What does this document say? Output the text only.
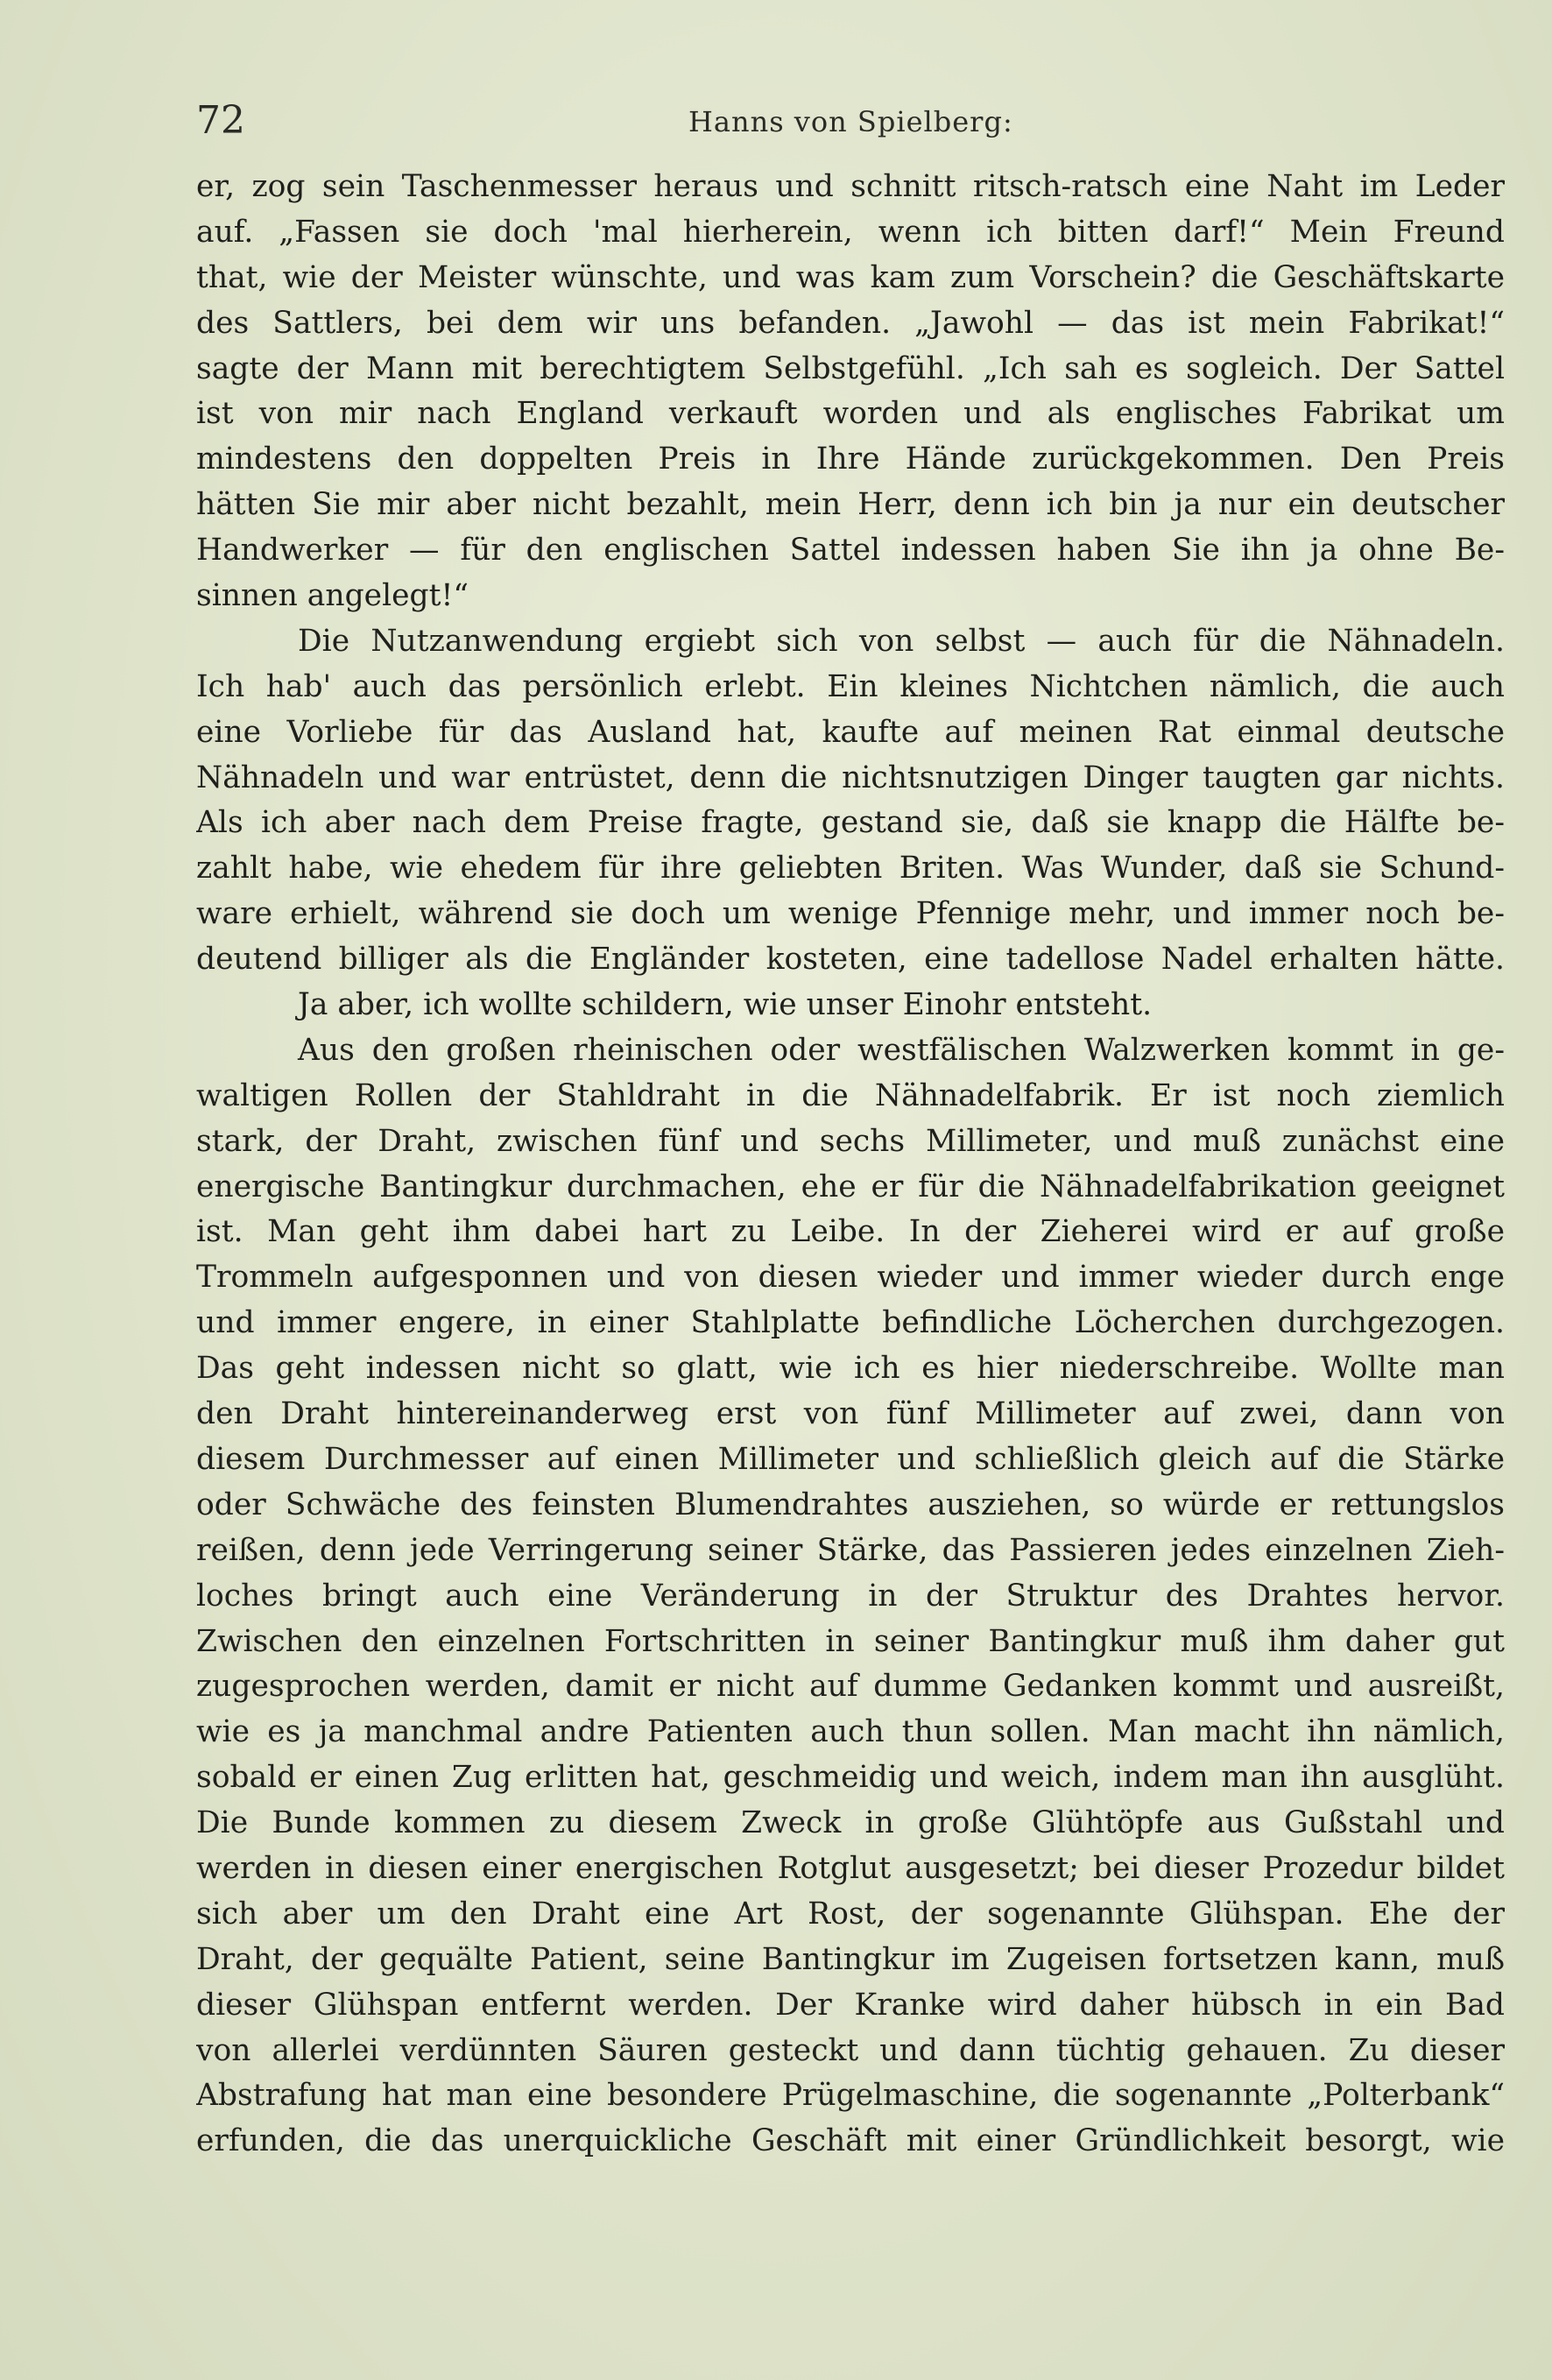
72	Hanns von Spielberg:
er, zog sein Taschenmesser heraus und schnitt ritsch-ratsch eine Naht im Leder
auf. „Fassen sie doch 'mal hierherein, wenn ich bitten darf!“ Mein Freund
that, wie der Meister wünschte, und was kam zum Vorschein? die Geschäftskarte
des Sattlers, bei dem wir uns befanden. „Jawohl — das ist mein Fabrikat!“
sagte der Mann mit berechtigtem Selbstgefühl. „Ich sah es sogleich. Der Sattel
ist von mir nach England verkauft worden und als englisches Fabrikat um
mindestens den doppelten Preis in Ihre Hände zurückgekommen. Den Preis
hätten Sie mir aber nicht bezahlt, mein Herr, denn ich bin ja nur ein deutscher
Handwerker — für den englischen Sattel indessen haben Sie ihn ja ohne Be-
sinnen angelegt!“
Die Nutzanwendung ergiebt sich von selbst — auch für die Nähnadeln.
Ich hab' auch das persönlich erlebt. Ein kleines Nichtchen nämlich, die auch
eine Vorliebe für das Ausland hat, kaufte auf meinen Rat einmal deutsche
Nähnadeln und war entrüstet, denn die nichtsnutzigen Dinger taugten gar nichts.
Als ich aber nach dem Preise fragte, gestand sie, daß sie knapp die Hälfte be-
zahlt habe, wie ehedem für ihre geliebten Briten. Was Wunder, daß sie Schund-
ware erhielt, während sie doch um wenige Pfennige mehr, und immer noch be-
deutend billiger als die Engländer kosteten, eine tadellose Nadel erhalten hätte.
Ja aber, ich wollte schildern, wie unser Einohr entsteht.
Aus den großen rheinischen oder westfälischen Walzwerken kommt in ge-
waltigen Rollen der Stahldraht in die Nähnadelfabrik. Er ist noch ziemlich
stark, der Draht, zwischen fünf und sechs Millimeter, und muß zunächst eine
energische Bantingkur durchmachen, ehe er für die Nähnadelfabrikation geeignet
ist. Man geht ihm dabei hart zu Leibe. In der Zieherei wird er auf große
Trommeln aufgesponnen und von diesen wieder und immer wieder durch enge
und immer engere, in einer Stahlplatte befindliche Löcherchen durchgezogen.
Das geht indessen nicht so glatt, wie ich es hier niederschreibe. Wollte man
den Draht hintereinanderweg erst von fünf Millimeter auf zwei, dann von
diesem Durchmesser auf einen Millimeter und schließlich gleich auf die Stärke
oder Schwäche des feinsten Blumendrahtes ausziehen, so würde er rettungslos
reißen, denn jede Verringerung seiner Stärke, das Passieren jedes einzelnen Zieh-
loches bringt auch eine Veränderung in der Struktur des Drahtes hervor.
Zwischen den einzelnen Fortschritten in seiner Bantingkur muß ihm daher gut
zugesprochen werden, damit er nicht auf dumme Gedanken kommt und ausreißt,
wie es ja manchmal andre Patienten auch thun sollen. Man macht ihn nämlich,
sobald er einen Zug erlitten hat, geschmeidig und weich, indem man ihn ausglüht.
Die Bunde kommen zu diesem Zweck in große Glühtöpfe aus Gußstahl und
werden in diesen einer energischen Rotglut ausgesetzt; bei dieser Prozedur bildet
sich aber um den Draht eine Art Rost, der sogenannte Glühspan. Ehe der
Draht, der gequälte Patient, seine Bantingkur im Zugeisen fortsetzen kann, muß
dieser Glühspan entfernt werden. Der Kranke wird daher hübsch in ein Bad
von allerlei verdünnten Säuren gesteckt und dann tüchtig gehauen. Zu dieser
Abstrafung hat man eine besondere Prügelmaschine, die sogenannte „Polterbank“
erfunden, die das unerquickliche Geschäft mit einer Gründlichkeit besorgt, wie
